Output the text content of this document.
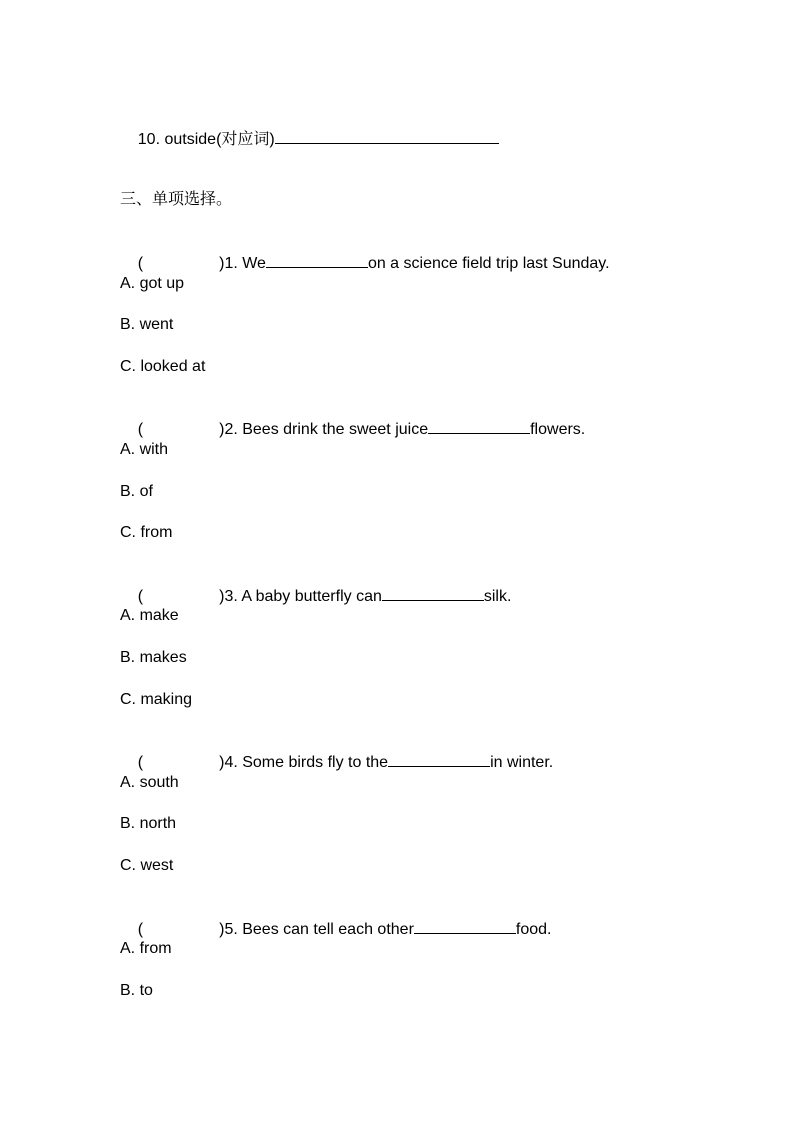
10. outside(对应词)

三、单项选择。

(	)1. We	on a science field trip last Sunday.

A. got up
B. went
C. looked at

(	)2. Bees drink the sweet juice	flowers.

A. with
B. of
C. from

(	)3. A baby butterfly can	silk.

A. make
B. makes
C. making

(	)4. Some birds fly to the	in winter.

A. south
B. north
C. west

(	)5. Bees can tell each other	food.

A. from
B. to
